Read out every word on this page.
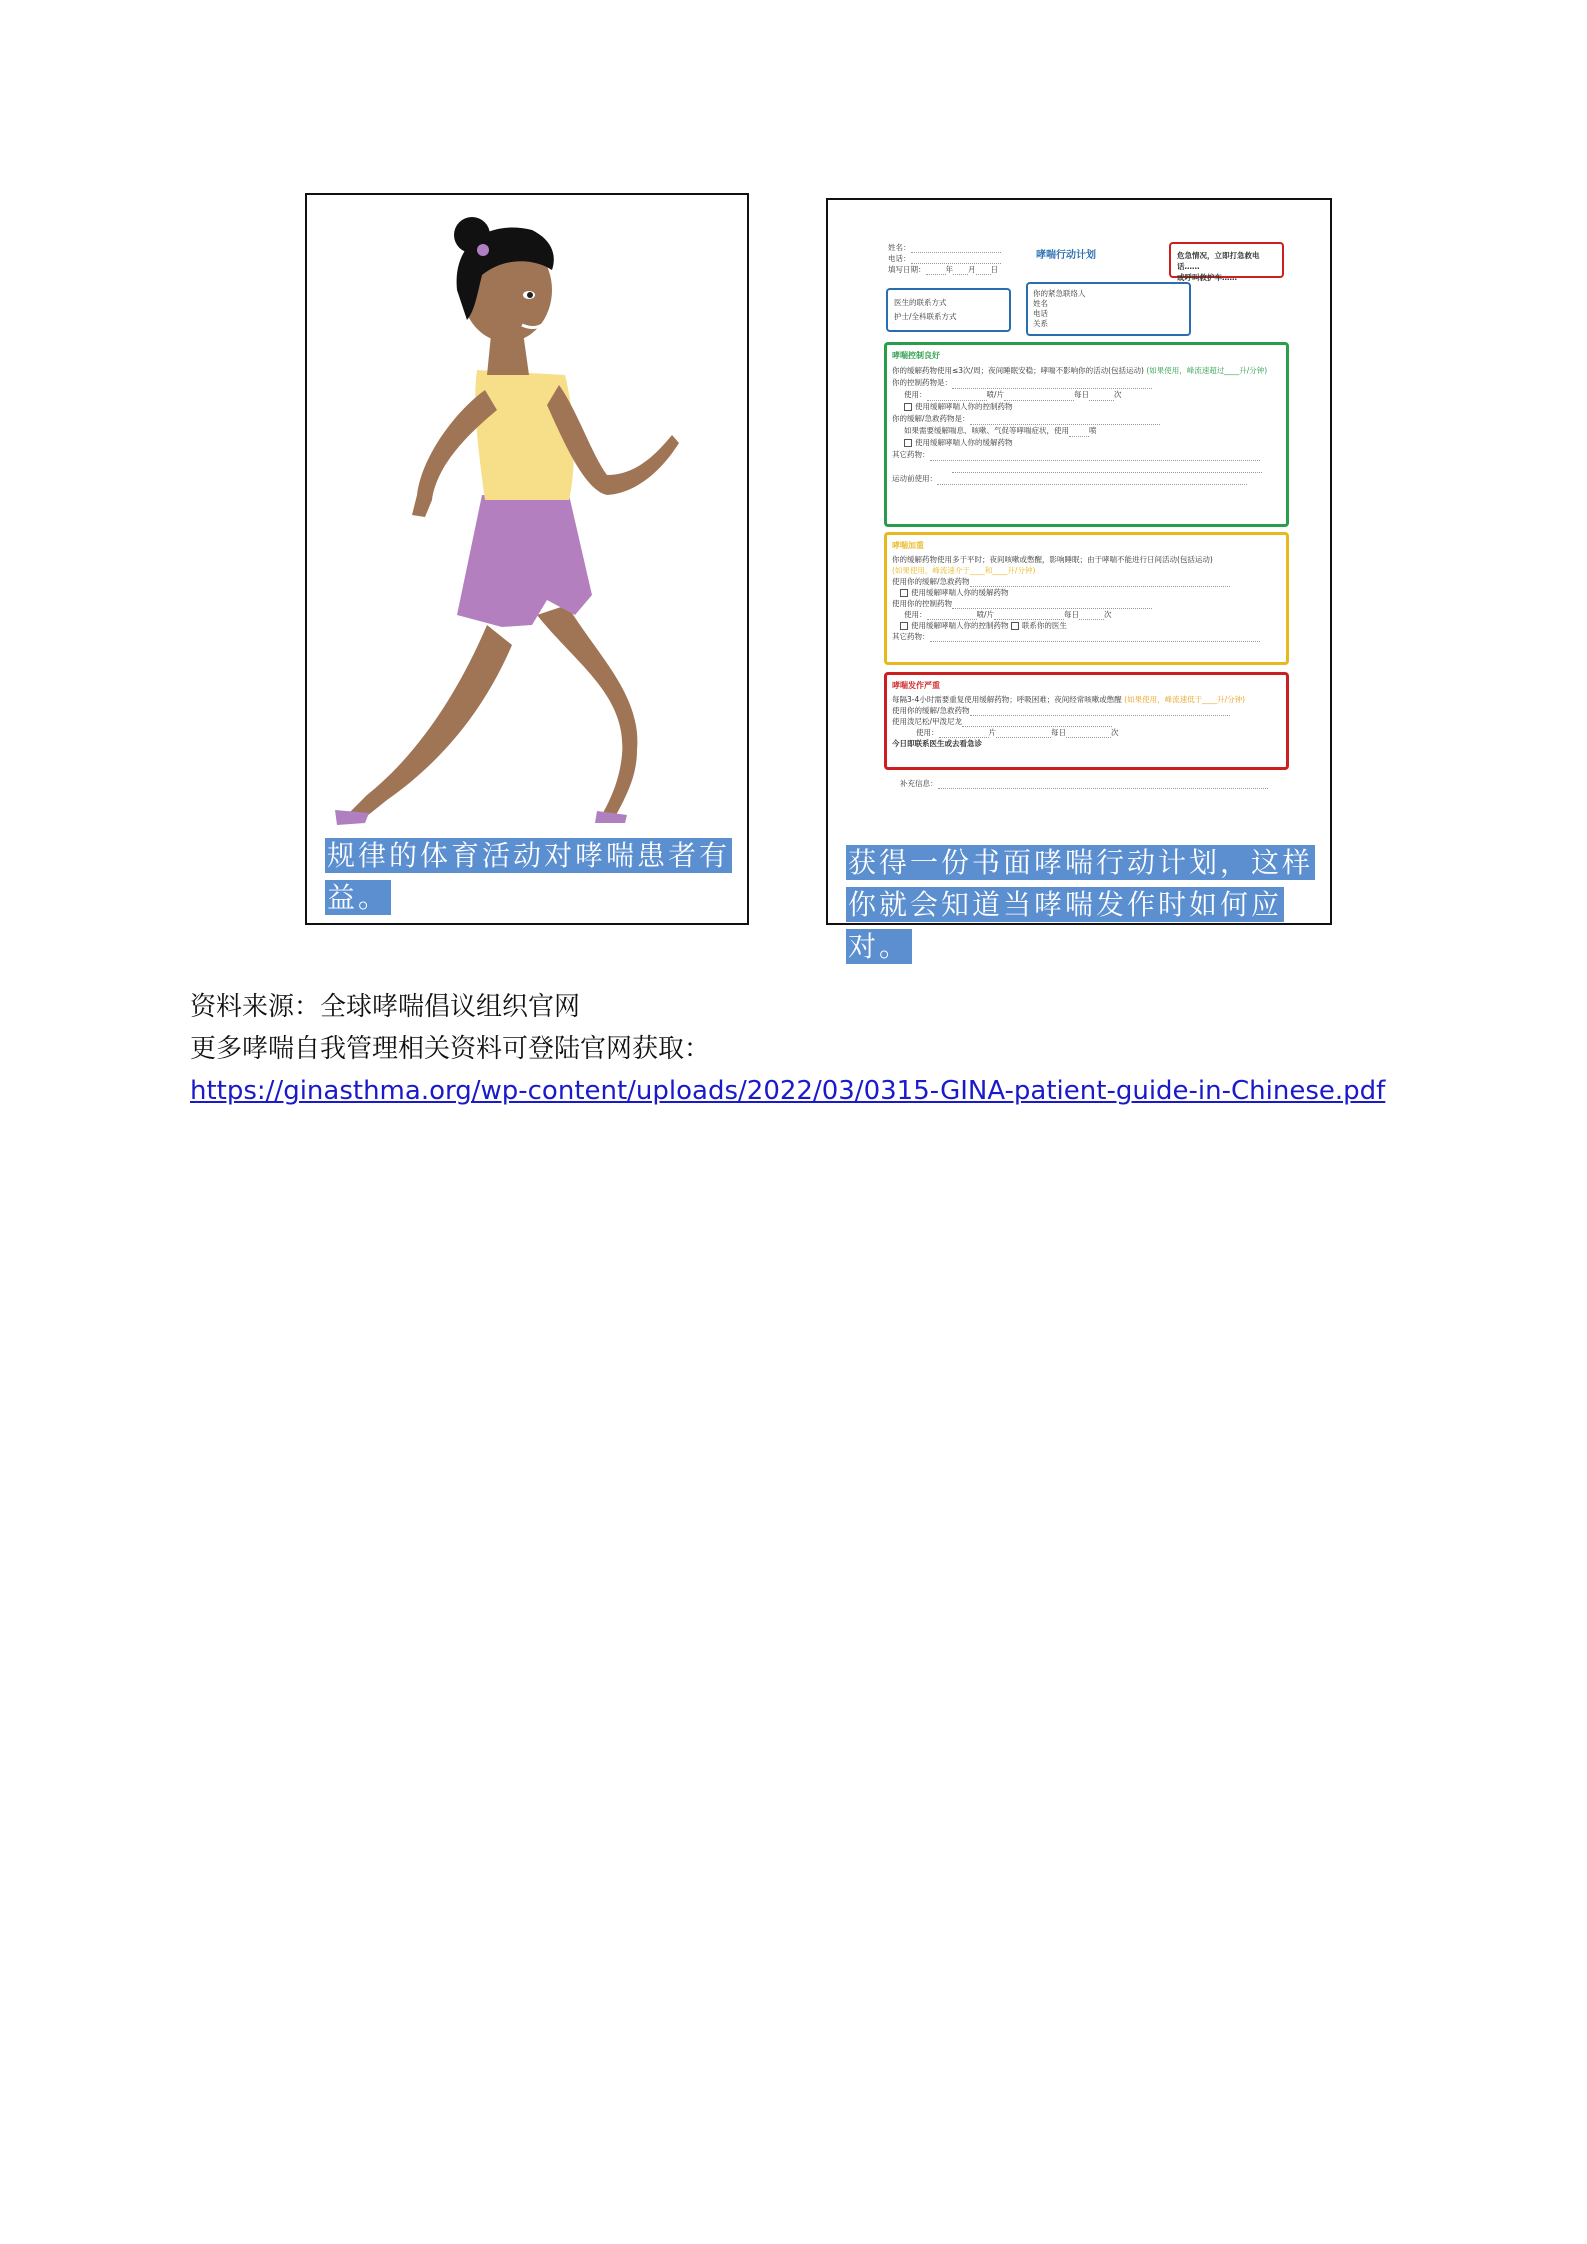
规律的体育活动对哮喘患者有益。
姓名：
电话：
填写日期：	年 月 日
哮喘行动计划	危急情况，立即打急救电话……
或呼叫救护车……
医生的联系方式
护士/全科联系方式
你的紧急联络人
姓名
电话
关系
哮喘控制良好
你的缓解药物使用≤3次/周；夜间睡眠安稳；哮喘不影响你的活动(包括运动) (如果使用，峰流速超过____升/分钟)
你的控制药物是：
使用：	喷/片	每日	次
使用缓解哮喘人你的控制药物
你的缓解/急救药物是：
如果需要缓解喘息、咳嗽、气促等哮喘症状，使用	喷
使用缓解哮喘人你的缓解药物
其它药物：
运动前使用：
哮喘加重
你的缓解药物使用多于平时；夜间咳嗽或憋醒，影响睡眠；由于哮喘不能进行日间活动(包括运动)
(如果使用，峰流速介于____和____升/分钟)
使用你的缓解/急救药物
使用缓解哮喘人你的缓解药物
使用你的控制药物
使用：	喷/片	每日	次
使用缓解哮喘人你的控制药物 联系你的医生
其它药物：
哮喘发作严重
每隔3-4小时需要重复使用缓解药物；呼吸困难；夜间经常咳嗽或憋醒 (如果使用，峰流速低于____升/分钟)
使用你的缓解/急救药物
使用泼尼松/甲泼尼龙
使用：	片	每日	次
今日即联系医生或去看急诊
补充信息：
获得一份书面哮喘行动计划，这样你就会知道当哮喘发作时如何应对。
资料来源：全球哮喘倡议组织官网
更多哮喘自我管理相关资料可登陆官网获取：
https://ginasthma.org/wp-content/uploads/2022/03/0315-GINA-patient-guide-in-Chinese.pdf
